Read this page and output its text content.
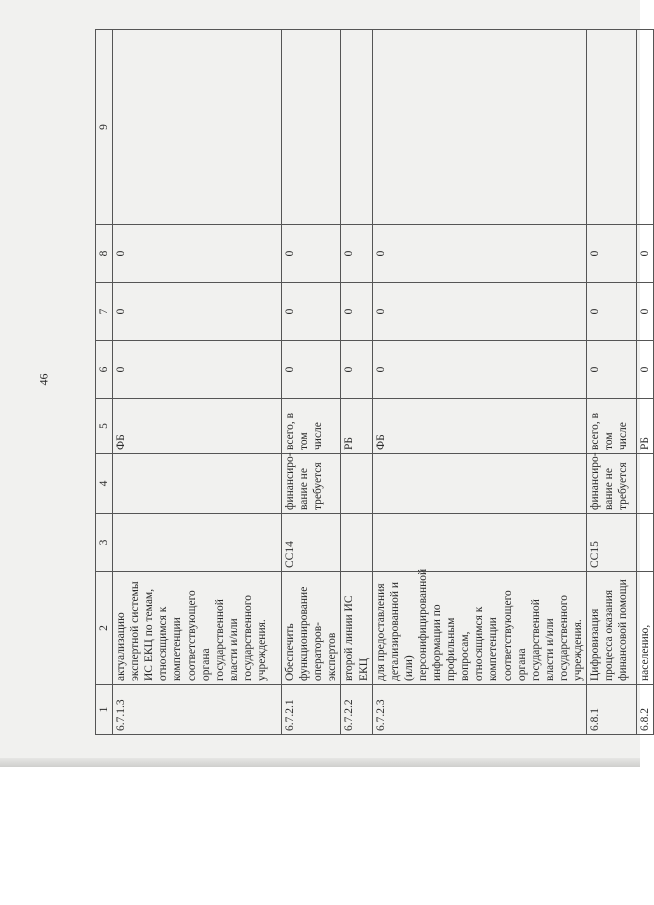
46
1	2	3	4	5	6	7	8	9
6.7.1.3	актуализацию экспертной системы ИС ЕКЦ по темам, относящимся к компетенции соответствующего органа государственной власти и/или государственного учреждения.			ФБ	0	0	0	
6.7.2.1	Обеспечить функционирование операторов-экспертов	СС14	финансиро- вание не требуется	всего, в том числе	0	0	0	
6.7.2.2	второй линии ИС ЕКЦ			РБ	0	0	0	
6.7.2.3	для предоставления детализированной и (или) персонифицированной информации по профильным вопросам, относящимся к компетенции соответствующего органа государственной власти и/или государственного учреждения.			ФБ	0	0	0	
6.8.1	Цифровизация процесса оказания финансовой помощи	СС15	финансиро- вание не требуется	всего, в том числе	0	0	0	
6.8.2	населению,			РБ	0	0	0	
